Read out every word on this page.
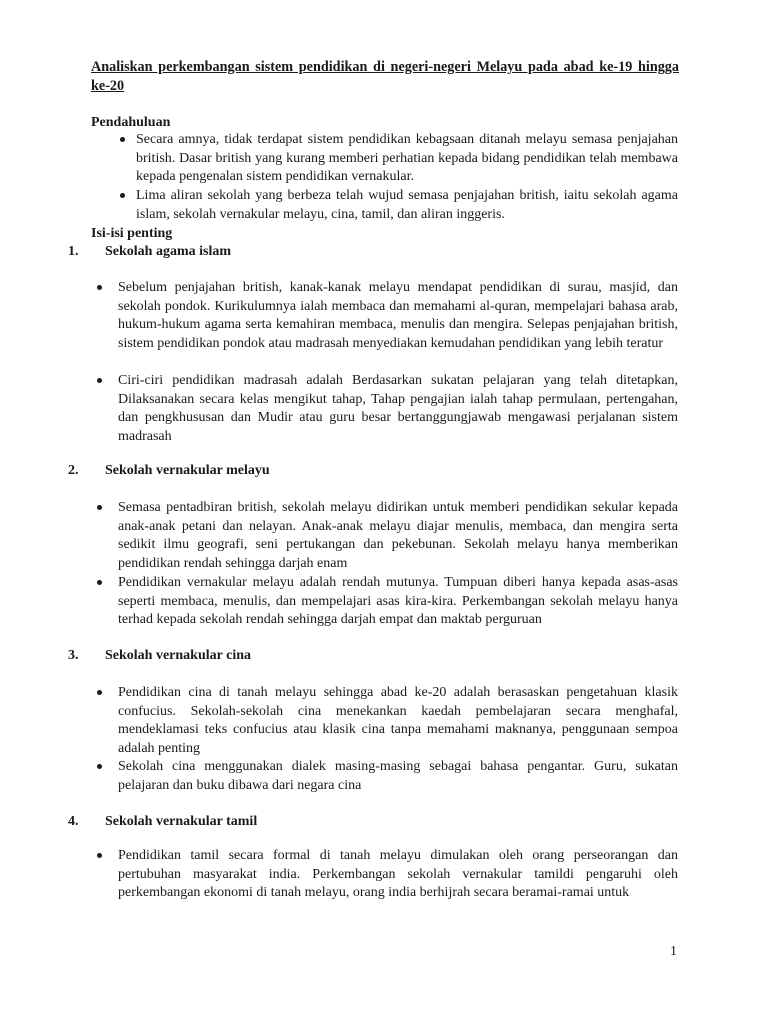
Analiskan perkembangan sistem pendidikan di negeri-negeri Melayu pada abad ke-19 hingga ke-20
Pendahuluan
Secara amnya, tidak terdapat sistem pendidikan kebagsaan ditanah melayu semasa penjajahan british. Dasar british yang kurang memberi perhatian kepada bidang pendidikan telah membawa kepada pengenalan sistem pendidikan vernakular.
Lima aliran sekolah yang berbeza telah wujud semasa penjajahan british, iaitu sekolah agama islam, sekolah vernakular melayu, cina, tamil, dan aliran inggeris.
Isi-isi penting
1. Sekolah agama islam
Sebelum penjajahan british, kanak-kanak melayu mendapat pendidikan di surau, masjid, dan sekolah pondok. Kurikulumnya ialah membaca dan memahami al-quran, mempelajari bahasa arab, hukum-hukum agama serta kemahiran membaca, menulis dan mengira. Selepas penjajahan british, sistem pendidikan pondok atau madrasah menyediakan kemudahan pendidikan yang lebih teratur
Ciri-ciri pendidikan madrasah adalah Berdasarkan sukatan pelajaran yang telah ditetapkan, Dilaksanakan secara kelas mengikut tahap, Tahap pengajian ialah tahap permulaan, pertengahan, dan pengkhususan dan Mudir atau guru besar bertanggungjawab mengawasi perjalanan sistem madrasah
2. Sekolah vernakular melayu
Semasa pentadbiran british, sekolah melayu didirikan untuk memberi pendidikan sekular kepada anak-anak petani dan nelayan. Anak-anak melayu diajar menulis, membaca, dan mengira serta sedikit ilmu geografi, seni pertukangan dan pekebunan. Sekolah melayu hanya memberikan pendidikan rendah sehingga darjah enam
Pendidikan vernakular melayu adalah rendah mutunya. Tumpuan diberi hanya kepada asas-asas seperti membaca, menulis, dan mempelajari asas kira-kira. Perkembangan sekolah melayu hanya terhad kepada sekolah rendah sehingga darjah empat dan maktab perguruan
3. Sekolah vernakular cina
Pendidikan cina di tanah melayu sehingga abad ke-20 adalah berasaskan pengetahuan klasik confucius. Sekolah-sekolah cina menekankan kaedah pembelajaran secara menghafal, mendeklamasi teks confucius atau klasik cina tanpa memahami maknanya, penggunaan sempoa adalah penting
Sekolah cina menggunakan dialek masing-masing sebagai bahasa pengantar. Guru, sukatan pelajaran dan buku dibawa dari negara cina
4. Sekolah vernakular tamil
Pendidikan tamil secara formal di tanah melayu dimulakan oleh orang perseorangan dan pertubuhan masyarakat india. Perkembangan sekolah vernakular tamildi pengaruhi oleh perkembangan ekonomi di tanah melayu, orang india berhijrah secara beramai-ramai untuk
1
